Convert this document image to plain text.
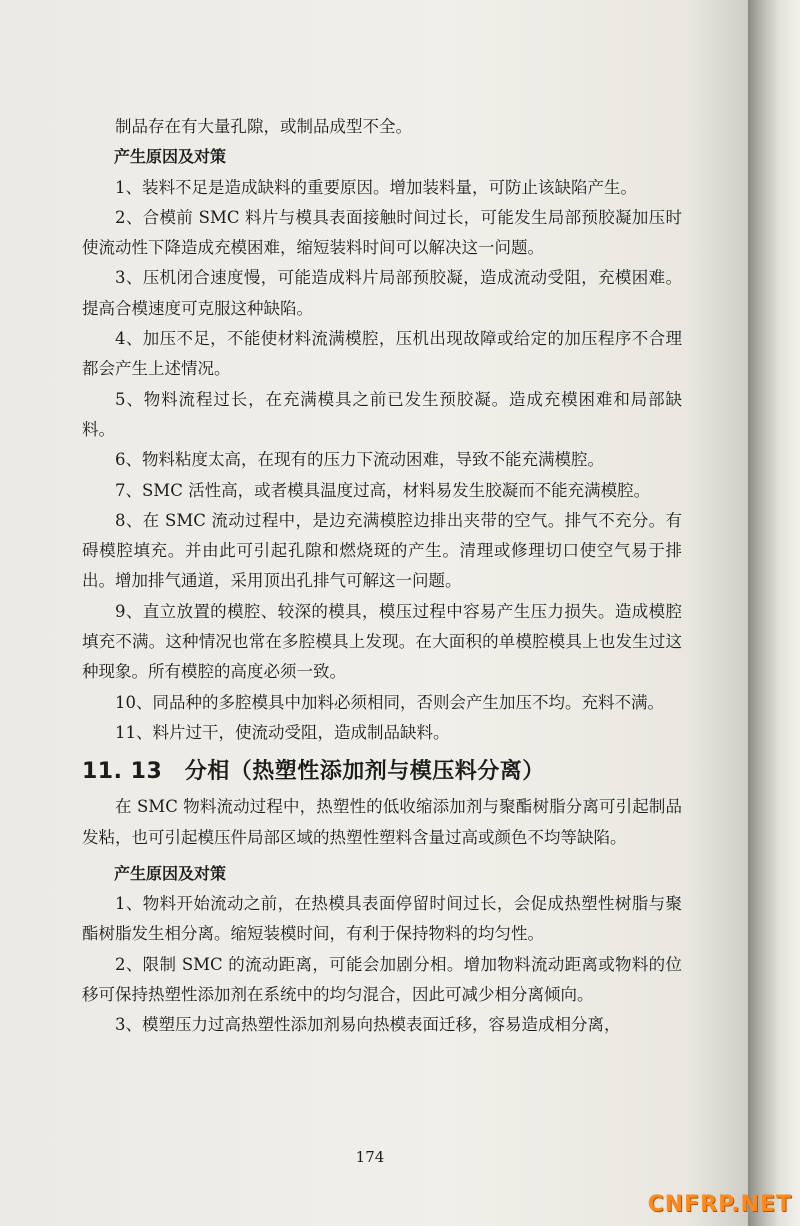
制品存在有大量孔隙，或制品成型不全。

产生原因及对策

1、装料不足是造成缺料的重要原因。增加装料量，可防止该缺陷产生。

2、合模前 SMC 料片与模具表面接触时间过长，可能发生局部预胶凝加压时使流动性下降造成充模困难，缩短装料时间可以解决这一问题。

3、压机闭合速度慢，可能造成料片局部预胶凝，造成流动受阻，充模困难。提高合模速度可克服这种缺陷。

4、加压不足，不能使材料流满模腔，压机出现故障或给定的加压程序不合理都会产生上述情况。

5、物料流程过长，在充满模具之前已发生预胶凝。造成充模困难和局部缺料。

6、物料粘度太高，在现有的压力下流动困难，导致不能充满模腔。

7、SMC 活性高，或者模具温度过高，材料易发生胶凝而不能充满模腔。

8、在 SMC 流动过程中，是边充满模腔边排出夹带的空气。排气不充分。有碍模腔填充。并由此可引起孔隙和燃烧斑的产生。清理或修理切口使空气易于排出。增加排气通道，采用顶出孔排气可解这一问题。

9、直立放置的模腔、较深的模具，模压过程中容易产生压力损失。造成模腔填充不满。这种情况也常在多腔模具上发现。在大面积的单模腔模具上也发生过这种现象。所有模腔的高度必须一致。

10、同品种的多腔模具中加料必须相同，否则会产生加压不均。充料不满。

11、料片过干，使流动受阻，造成制品缺料。

11. 13　分相（热塑性添加剂与模压料分离）

在 SMC 物料流动过程中，热塑性的低收缩添加剂与聚酯树脂分离可引起制品发粘，也可引起模压件局部区域的热塑性塑料含量过高或颜色不均等缺陷。

产生原因及对策

1、物料开始流动之前，在热模具表面停留时间过长，会促成热塑性树脂与聚酯树脂发生相分离。缩短装模时间，有利于保持物料的均匀性。

2、限制 SMC 的流动距离，可能会加剧分相。增加物料流动距离或物料的位移可保持热塑性添加剂在系统中的均匀混合，因此可减少相分离倾向。

3、模塑压力过高热塑性添加剂易向热模表面迁移，容易造成相分离，

174
CNFRP.NET
